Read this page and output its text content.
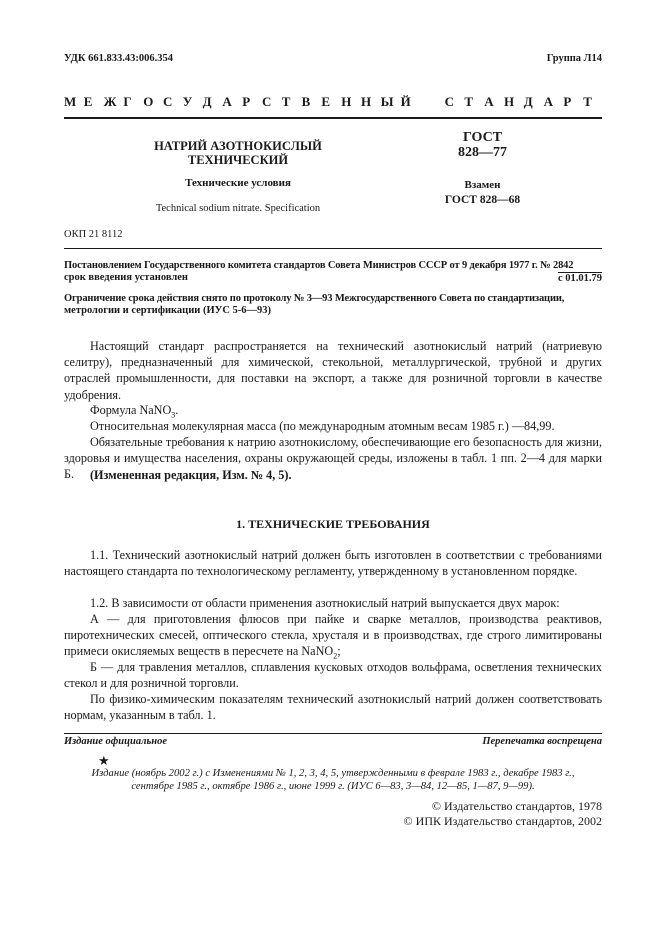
УДК 661.833.43:006.354	Группа Л14
М Е Ж Г О С У Д А Р С Т В Е Н Н Ы Й	С Т А Н Д А Р Т
НАТРИЙ АЗОТНОКИСЛЫЙ
ТЕХНИЧЕСКИЙ
Технические условия
Technical sodium nitrate. Specification
ГОСТ
828—77
Взамен
ГОСТ 828—68
ОКП 21 8112
Постановлением Государственного комитета стандартов Совета Министров СССР от 9 декабря 1977 г. № 2842
срок введения установлен	с 01.01.79
Ограничение срока действия снято по протоколу № 3—93 Межгосударственного Совета по стандартизации,
метрологии и сертификации (ИУС 5-6—93)
Настоящий стандарт распространяется на технический азотнокислый натрий (натриевую селитру), предназначенный для химической, стекольной, металлургической, трубной и других отраслей промышленности, для поставки на экспорт, а также для розничной торговли в качестве удобрения.
Формула NaNO$_3$.
Относительная молекулярная масса (по международным атомным весам 1985 г.) —84,99.
Обязательные требования к натрию азотнокислому, обеспечивающие его безопасность для жизни, здоровья и имущества населения, охраны окружающей среды, изложены в табл. 1 пп. 2—4 для марки Б.	(Измененная редакция, Изм. № 4, 5).
1. ТЕХНИЧЕСКИЕ ТРЕБОВАНИЯ
1.1. Технический азотнокислый натрий должен быть изготовлен в соответствии с требованиями настоящего стандарта по технологическому регламенту, утвержденному в установленном порядке.
1.2. В зависимости от области применения азотнокислый натрий выпускается двух марок:
А — для приготовления флюсов при пайке и сварке металлов, производства реактивов, пиротехнических смесей, оптического стекла, хрусталя и в производствах, где строго лимитированы примеси окисляемых веществ в пересчете на NaNO$_2$;
Б — для травления металлов, сплавления кусковых отходов вольфрама, осветления технических стекол и для розничной торговли.
По физико-химическим показателям технический азотнокислый натрий должен соответствовать нормам, указанным в табл. 1.
Издание официальное	Перепечатка воспрещена
★
Издание (ноябрь 2002 г.) с Изменениями № 1, 2, 3, 4, 5, утвержденными в феврале 1983 г., декабре 1983 г.,
сентябре 1985 г., октябре 1986 г., июне 1999 г. (ИУС 6—83, 3—84, 12—85, 1—87, 9—99).
© Издательство стандартов, 1978
© ИПК Издательство стандартов, 2002
